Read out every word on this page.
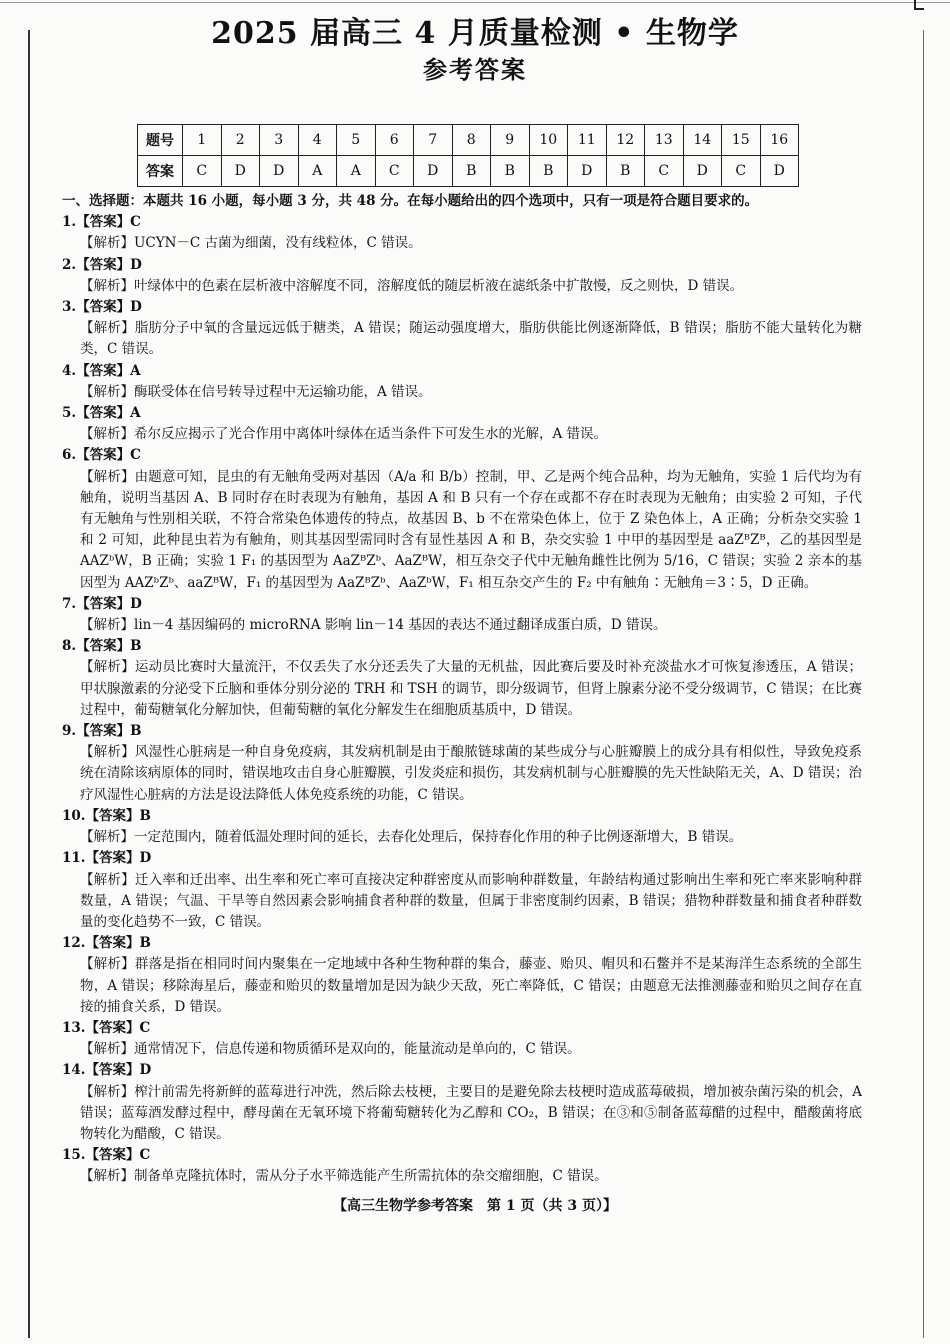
2025 届高三 4 月质量检测 • 生物学
参考答案
题号	1	2	3	4	5	6	7	8	9	10	11	12	13	14	15	16
答案	C	D	D	A	A	C	D	B	B	B	D	B	C	D	C	D
一、选择题：本题共 16 小题，每小题 3 分，共 48 分。在每小题给出的四个选项中，只有一项是符合题目要求的。
1.【答案】C
【解析】UCYN－C 古菌为细菌，没有线粒体，C 错误。
2.【答案】D
【解析】叶绿体中的色素在层析液中溶解度不同，溶解度低的随层析液在滤纸条中扩散慢，反之则快，D 错误。
3.【答案】D
【解析】脂肪分子中氧的含量远远低于糖类，A 错误；随运动强度增大，脂肪供能比例逐渐降低，B 错误；脂肪不能大量转化为糖类，C 错误。
4.【答案】A
【解析】酶联受体在信号转导过程中无运输功能，A 错误。
5.【答案】A
【解析】希尔反应揭示了光合作用中离体叶绿体在适当条件下可发生水的光解，A 错误。
6.【答案】C
【解析】由题意可知，昆虫的有无触角受两对基因（A/a 和 B/b）控制，甲、乙是两个纯合品种，均为无触角，实验 1 后代均为有触角，说明当基因 A、B 同时存在时表现为有触角，基因 A 和 B 只有一个存在或都不存在时表现为无触角；由实验 2 可知，子代有无触角与性别相关联，不符合常染色体遗传的特点，故基因 B、b 不在常染色体上，位于 Z 染色体上，A 正确；分析杂交实验 1 和 2 可知，此种昆虫若为有触角，则其基因型需同时含有显性基因 A 和 B，杂交实验 1 中甲的基因型是 aaZᴮZᴮ，乙的基因型是 AAZᵇW，B 正确；实验 1 F₁ 的基因型为 AaZᴮZᵇ、AaZᴮW，相互杂交子代中无触角雌性比例为 5/16，C 错误；实验 2 亲本的基因型为 AAZᵇZᵇ、aaZᴮW，F₁ 的基因型为 AaZᴮZᵇ、AaZᵇW，F₁ 相互杂交产生的 F₂ 中有触角∶无触角＝3∶5，D 正确。
7.【答案】D
【解析】lin－4 基因编码的 microRNA 影响 lin－14 基因的表达不通过翻译成蛋白质，D 错误。
8.【答案】B
【解析】运动员比赛时大量流汗，不仅丢失了水分还丢失了大量的无机盐，因此赛后要及时补充淡盐水才可恢复渗透压，A 错误；甲状腺激素的分泌受下丘脑和垂体分别分泌的 TRH 和 TSH 的调节，即分级调节，但肾上腺素分泌不受分级调节，C 错误；在比赛过程中，葡萄糖氧化分解加快，但葡萄糖的氧化分解发生在细胞质基质中，D 错误。
9.【答案】B
【解析】风湿性心脏病是一种自身免疫病，其发病机制是由于酿脓链球菌的某些成分与心脏瓣膜上的成分具有相似性，导致免疫系统在清除该病原体的同时，错误地攻击自身心脏瓣膜，引发炎症和损伤，其发病机制与心脏瓣膜的先天性缺陷无关，A、D 错误；治疗风湿性心脏病的方法是设法降低人体免疫系统的功能，C 错误。
10.【答案】B
【解析】一定范围内，随着低温处理时间的延长，去春化处理后，保持春化作用的种子比例逐渐增大，B 错误。
11.【答案】D
【解析】迁入率和迁出率、出生率和死亡率可直接决定种群密度从而影响种群数量，年龄结构通过影响出生率和死亡率来影响种群数量，A 错误；气温、干旱等自然因素会影响捕食者种群的数量，但属于非密度制约因素，B 错误；猎物种群数量和捕食者种群数量的变化趋势不一致，C 错误。
12.【答案】B
【解析】群落是指在相同时间内聚集在一定地域中各种生物种群的集合，藤壶、贻贝、帽贝和石鳖并不是某海洋生态系统的全部生物，A 错误；移除海星后，藤壶和贻贝的数量增加是因为缺少天敌，死亡率降低，C 错误；由题意无法推测藤壶和贻贝之间存在直接的捕食关系，D 错误。
13.【答案】C
【解析】通常情况下，信息传递和物质循环是双向的，能量流动是单向的，C 错误。
14.【答案】D
【解析】榨汁前需先将新鲜的蓝莓进行冲洗，然后除去枝梗，主要目的是避免除去枝梗时造成蓝莓破损，增加被杂菌污染的机会，A 错误；蓝莓酒发酵过程中，酵母菌在无氧环境下将葡萄糖转化为乙醇和 CO₂，B 错误；在③和⑤制备蓝莓醋的过程中，醋酸菌将底物转化为醋酸，C 错误。
15.【答案】C
【解析】制备单克隆抗体时，需从分子水平筛选能产生所需抗体的杂交瘤细胞，C 错误。
【高三生物学参考答案　第 1 页（共 3 页）】
